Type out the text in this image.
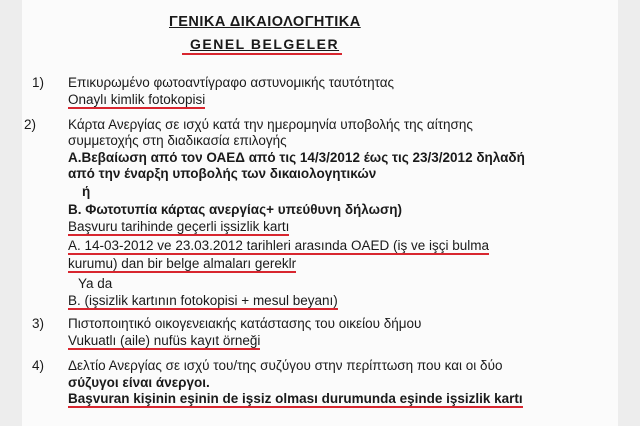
ΓΕΝΙΚΑ ΔΙΚΑΙΟΛΟΓΗΤΙΚΑ
GENEL BELGELER
1) Επικυρωμένο φωτοαντίγραφο αστυνομικής ταυτότητας
Onaylı kimlik fotokopisi
2) Κάρτα Ανεργίας σε ισχύ κατά την ημερομηνία υποβολής της αίτησης
συμμετοχής στη διαδικασία επιλογής
Α.Βεβαίωση από τον ΟΑΕΔ από τις 14/3/2012 έως τις 23/3/2012 δηλαδή
από την έναρξη υποβολής των δικαιολογητικών
ή
Β. Φωτοτυπία κάρτας ανεργίας+ υπεύθυνη δήλωση)
Başvuru tarihinde geçerli işsizlik kartı
A. 14-03-2012 ve 23.03.2012 tarihleri arasında OAED (iş ve işçi bulma
kurumu) dan bir belge almaları gereklr
Ya da
B. (işsizlik kartının fotokopisi + mesul beyanı)
3) Πιστοποιητικό οικογενειακής κατάστασης του οικείου δήμου
Vukuatlı (aile) nufüs kayıt örneği
4) Δελτίο Ανεργίας σε ισχύ του/της συζύγου στην περίπτωση που και οι δύο
σύζυγοι είναι άνεργοι.
Başvuran kişinin eşinin de işsiz olması durumunda eşinde işsizlik kartı
